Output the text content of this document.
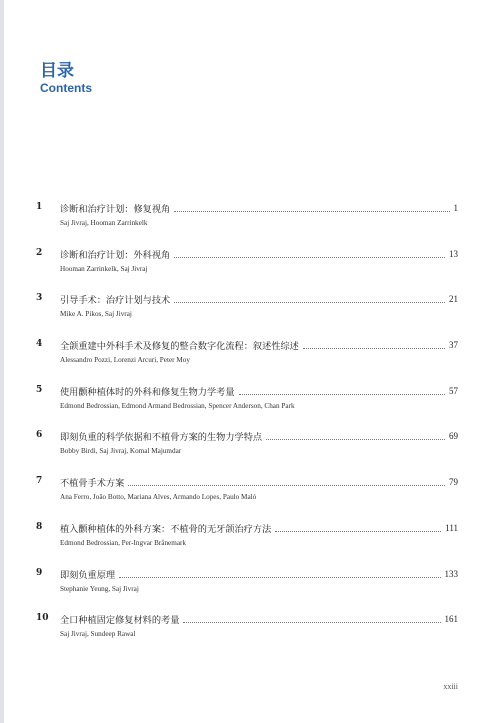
目录
Contents
1	诊断和治疗计划：修复视角	1
Saj Jivraj, Hooman Zarrinkelk
2	诊断和治疗计划：外科视角	13
Hooman Zarrinkelk, Saj Jivraj
3	引导手术：治疗计划与技术	21
Mike A. Pikos, Saj Jivraj
4	全颌重建中外科手术及修复的整合数字化流程：叙述性综述	37
Alessandro Pozzi, Lorenzi Arcuri, Peter Moy
5	使用颧种植体时的外科和修复生物力学考量	57
Edmond Bedrossian, Edmond Armand Bedrossian, Spencer Anderson, Chan Park
6	即刻负重的科学依据和不植骨方案的生物力学特点	69
Bobby Birdi, Saj Jivraj, Komal Majumdar
7	不植骨手术方案	79
Ana Ferro, João Botto, Mariana Alves, Armando Lopes, Paulo Maló
8	植入颧种植体的外科方案：不植骨的无牙颌治疗方法	111
Edmond Bedrossian, Per-Ingvar Brånemark
9	即刻负重原理	133
Stephanie Yeung, Saj Jivraj
10	全口种植固定修复材料的考量	161
Saj Jivraj, Sundeep Rawal
xxiii
